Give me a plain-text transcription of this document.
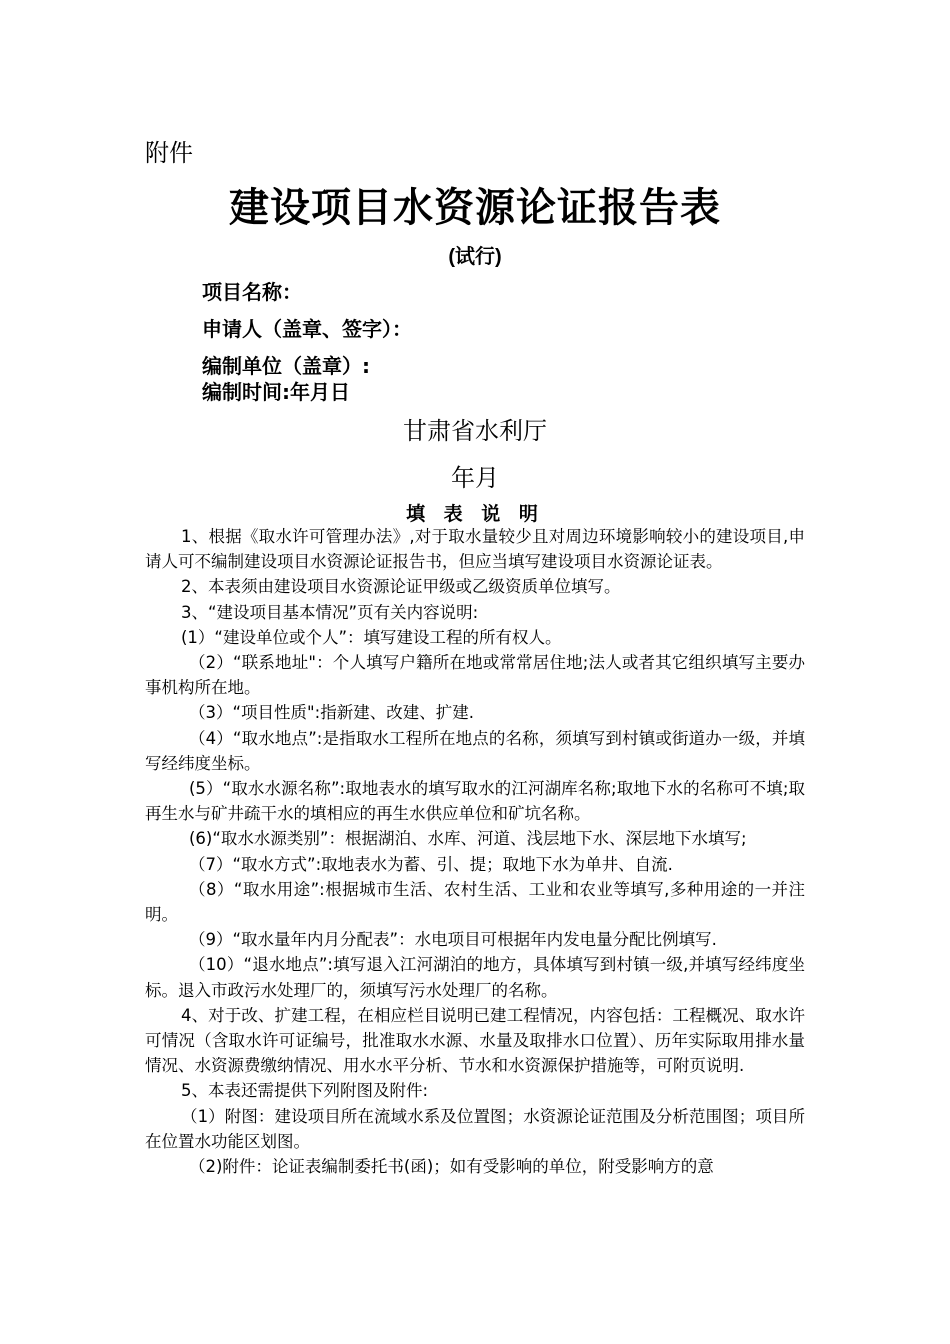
附件
建设项目水资源论证报告表
(试行)
项目名称：
申请人（盖章、签字）：
编制单位（盖章）:
编制时间:年月日
甘肃省水利厅
年月
填 表 说 明

1、根据《取水许可管理办法》,对于取水量较少且对周边环境影响较小的建设项目,申请人可不编制建设项目水资源论证报告书，但应当填写建设项目水资源论证表。

2、本表须由建设项目水资源论证甲级或乙级资质单位填写。

3、“建设项目基本情况”页有关内容说明:

(1）“建设单位或个人”：填写建设工程的所有权人。

（2）“联系地址"：个人填写户籍所在地或常常居住地;法人或者其它组织填写主要办事机构所在地。

（3）“项目性质":指新建、改建、扩建.

（4）“取水地点”:是指取水工程所在地点的名称，须填写到村镇或街道办一级，并填写经纬度坐标。

(5）“取水水源名称”:取地表水的填写取水的江河湖库名称;取地下水的名称可不填;取再生水与矿井疏干水的填相应的再生水供应单位和矿坑名称。

(6)“取水水源类别”：根据湖泊、水库、河道、浅层地下水、深层地下水填写;

（7）“取水方式”:取地表水为蓄、引、提；取地下水为单井、自流.

（8）“取水用途”:根据城市生活、农村生活、工业和农业等填写,多种用途的一并注明。

（9）“取水量年内月分配表”：水电项目可根据年内发电量分配比例填写.

（10）“退水地点”:填写退入江河湖泊的地方，具体填写到村镇一级,并填写经纬度坐标。退入市政污水处理厂的，须填写污水处理厂的名称。

4、对于改、扩建工程，在相应栏目说明已建工程情况，内容包括：工程概况、取水许可情况（含取水许可证编号，批准取水水源、水量及取排水口位置）、历年实际取用排水量情况、水资源费缴纳情况、用水水平分析、节水和水资源保护措施等，可附页说明.

5、本表还需提供下列附图及附件:

（1）附图：建设项目所在流域水系及位置图；水资源论证范围及分析范围图；项目所在位置水功能区划图。

（2)附件：论证表编制委托书(函)；如有受影响的单位，附受影响方的意
